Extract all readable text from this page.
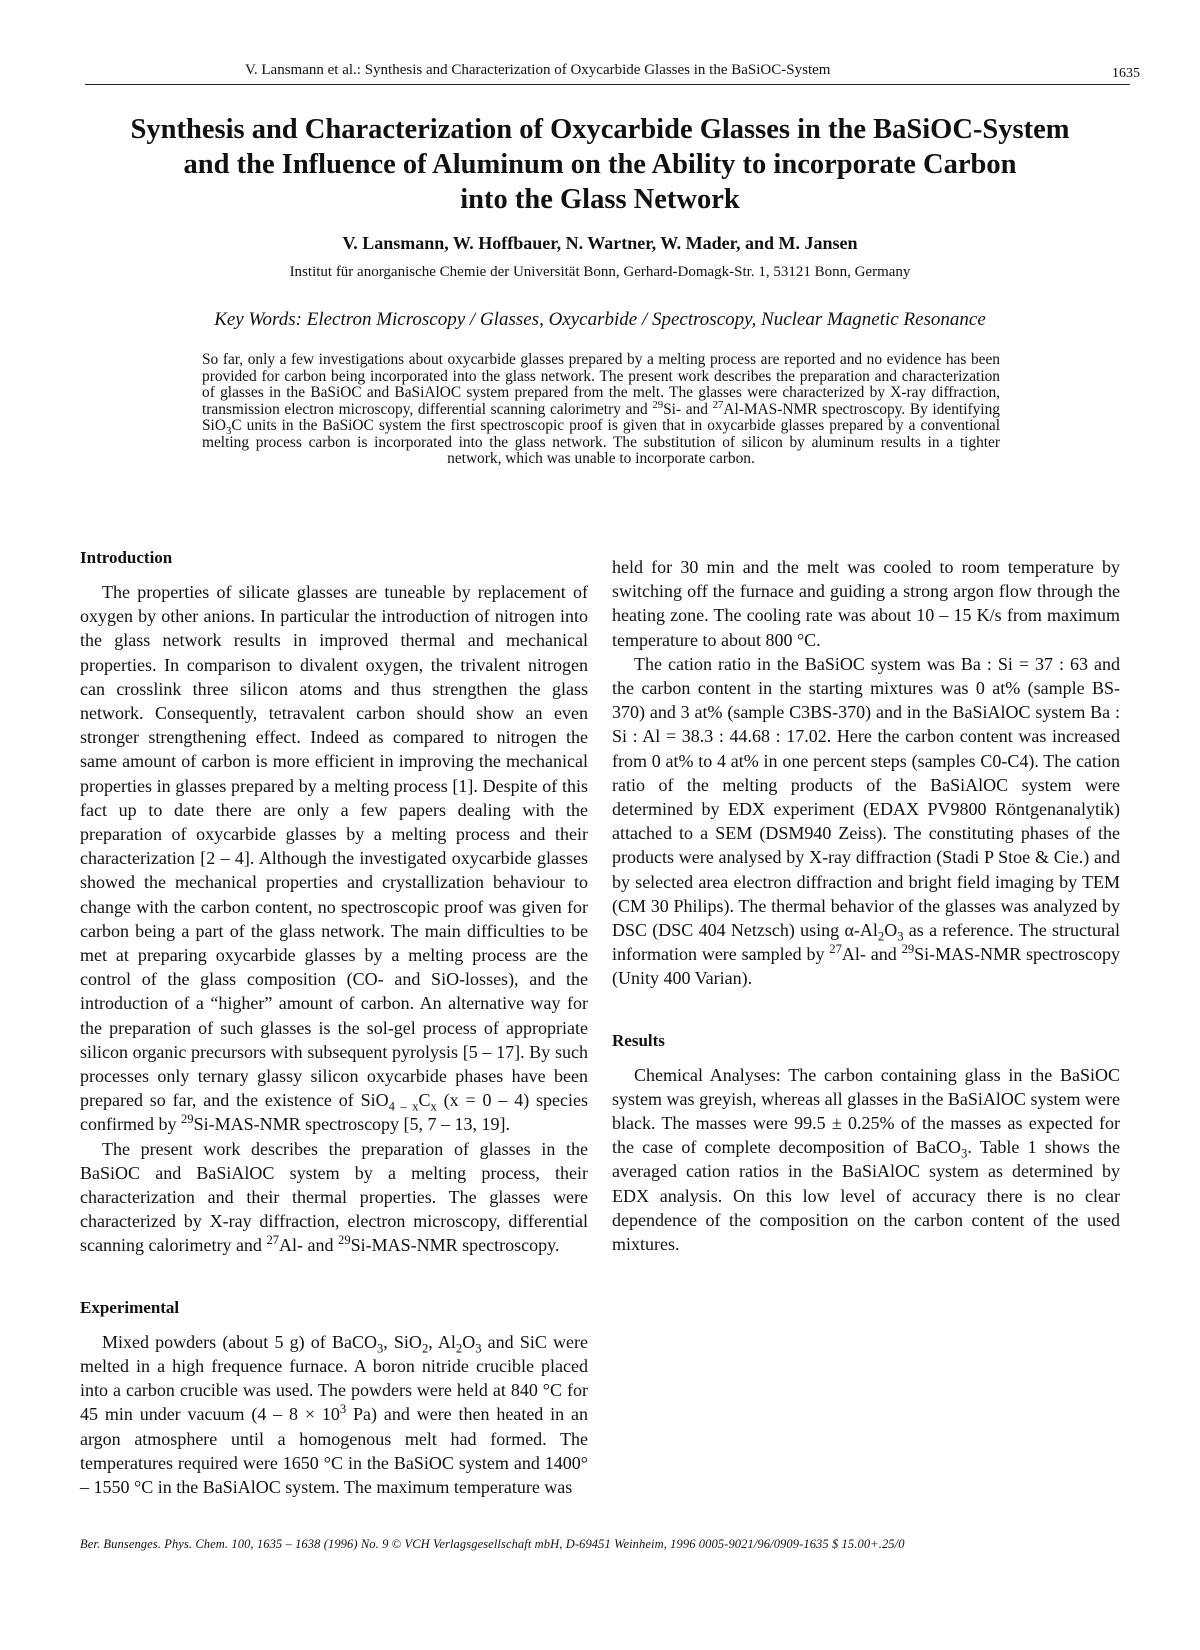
V. Lansmann et al.: Synthesis and Characterization of Oxycarbide Glasses in the BaSiOC-System	1635
Synthesis and Characterization of Oxycarbide Glasses in the BaSiOC-System
and the Influence of Aluminum on the Ability to incorporate Carbon
into the Glass Network
V. Lansmann, W. Hoffbauer, N. Wartner, W. Mader, and M. Jansen
Institut für anorganische Chemie der Universität Bonn, Gerhard-Domagk-Str. 1, 53121 Bonn, Germany
Key Words: Electron Microscopy / Glasses, Oxycarbide / Spectroscopy, Nuclear Magnetic Resonance
So far, only a few investigations about oxycarbide glasses prepared by a melting process are reported and no evidence has been provided for carbon being incorporated into the glass network. The present work describes the preparation and characterization of glasses in the BaSiOC and BaSiAlOC system prepared from the melt. The glasses were characterized by X-ray diffraction, transmission electron microscopy, differential scanning calorimetry and $^{29}$Si- and $^{27}$Al-MAS-NMR spectroscopy. By identifying SiO$_3$C units in the BaSiOC system the first spectroscopic proof is given that in oxycarbide glasses prepared by a conventional melting process carbon is incorporated into the glass network. The substitution of silicon by aluminum results in a tighter network, which was unable to incorporate carbon.
Introduction

The properties of silicate glasses are tuneable by replacement of oxygen by other anions. In particular the introduction of nitrogen into the glass network results in improved thermal and mechanical properties. In comparison to divalent oxygen, the trivalent nitrogen can crosslink three silicon atoms and thus strengthen the glass network. Consequently, tetravalent carbon should show an even stronger strengthening effect. Indeed as compared to nitrogen the same amount of carbon is more efficient in improving the mechanical properties in glasses prepared by a melting process [1]. Despite of this fact up to date there are only a few papers dealing with the preparation of oxycarbide glasses by a melting process and their characterization [2 – 4]. Although the investigated oxycarbide glasses showed the mechanical properties and crystallization behaviour to change with the carbon content, no spectroscopic proof was given for carbon being a part of the glass network. The main difficulties to be met at preparing oxycarbide glasses by a melting process are the control of the glass composition (CO- and SiO-losses), and the introduction of a “higher” amount of carbon. An alternative way for the preparation of such glasses is the sol-gel process of appropriate silicon organic precursors with subsequent pyrolysis [5 – 17]. By such processes only ternary glassy silicon oxycarbide phases have been prepared so far, and the existence of $SiO_{4 - x}C_x$ (x = 0 – 4) species confirmed by $^{29}$Si-MAS-NMR spectroscopy [5, 7 – 13, 19].

The present work describes the preparation of glasses in the BaSiOC and BaSiAlOC system by a melting process, their characterization and their thermal properties. The glasses were characterized by X-ray diffraction, electron microscopy, differential scanning calorimetry and $^{27}$Al- and $^{29}$Si-MAS-NMR spectroscopy.

Experimental

Mixed powders (about 5 g) of BaCO$_3$, SiO$_2$, $Al_2O_3$ and SiC were melted in a high frequence furnace. A boron nitride crucible placed into a carbon crucible was used. The powders were held at 840 °C for 45 min under vacuum ($4 - 8 \times 10^3$ Pa) and were then heated in an argon atmosphere until a homogenous melt had formed. The temperatures required were 1650 °C in the BaSiOC system and 1400° – 1550 °C in the BaSiAlOC system. The maximum temperature was

Ber. Bunsenges. Phys. Chem. 100, 1635 – 1638 (1996) No. 9 © VCH Verlagsgesellschaft mbH, D-69451 Weinheim, 1996 0005-9021/96/0909-1635 $ 15.00+.25/0

held for 30 min and the melt was cooled to room temperature by switching off the furnace and guiding a strong argon flow through the heating zone. The cooling rate was about 10 – 15 K/s from maximum temperature to about 800 °C.

The cation ratio in the BaSiOC system was Ba : Si = 37 : 63 and the carbon content in the starting mixtures was 0 at% (sample BS-370) and 3 at% (sample C3BS-370) and in the BaSiAlOC system Ba : Si : Al = 38.3 : 44.68 : 17.02. Here the carbon content was increased from 0 at% to 4 at% in one percent steps (samples C0-C4). The cation ratio of the melting products of the BaSiAlOC system were determined by EDX experiment (EDAX PV9800 Röntgenanalytik) attached to a SEM (DSM940 Zeiss). The constituting phases of the products were analysed by X-ray diffraction (Stadi P Stoe & Cie.) and by selected area electron diffraction and bright field imaging by TEM (CM 30 Philips). The thermal behavior of the glasses was analyzed by DSC (DSC 404 Netzsch) using $\alpha-Al_2O_3$ as a reference. The structural information were sampled by $^{27}$Al- and $^{29}$Si-MAS-NMR spectroscopy (Unity 400 Varian).

Results

Chemical Analyses: The carbon containing glass in the BaSiOC system was greyish, whereas all glasses in the BaSiAlOC system were black. The masses were 99.5 ± 0.25% of the masses as expected for the case of complete decomposition of BaCO$_3$. Table 1 shows the averaged cation ratios in the BaSiAlOC system as determined by EDX analysis. On this low level of accuracy there is no clear dependence of the composition on the carbon content of the used mixtures.
